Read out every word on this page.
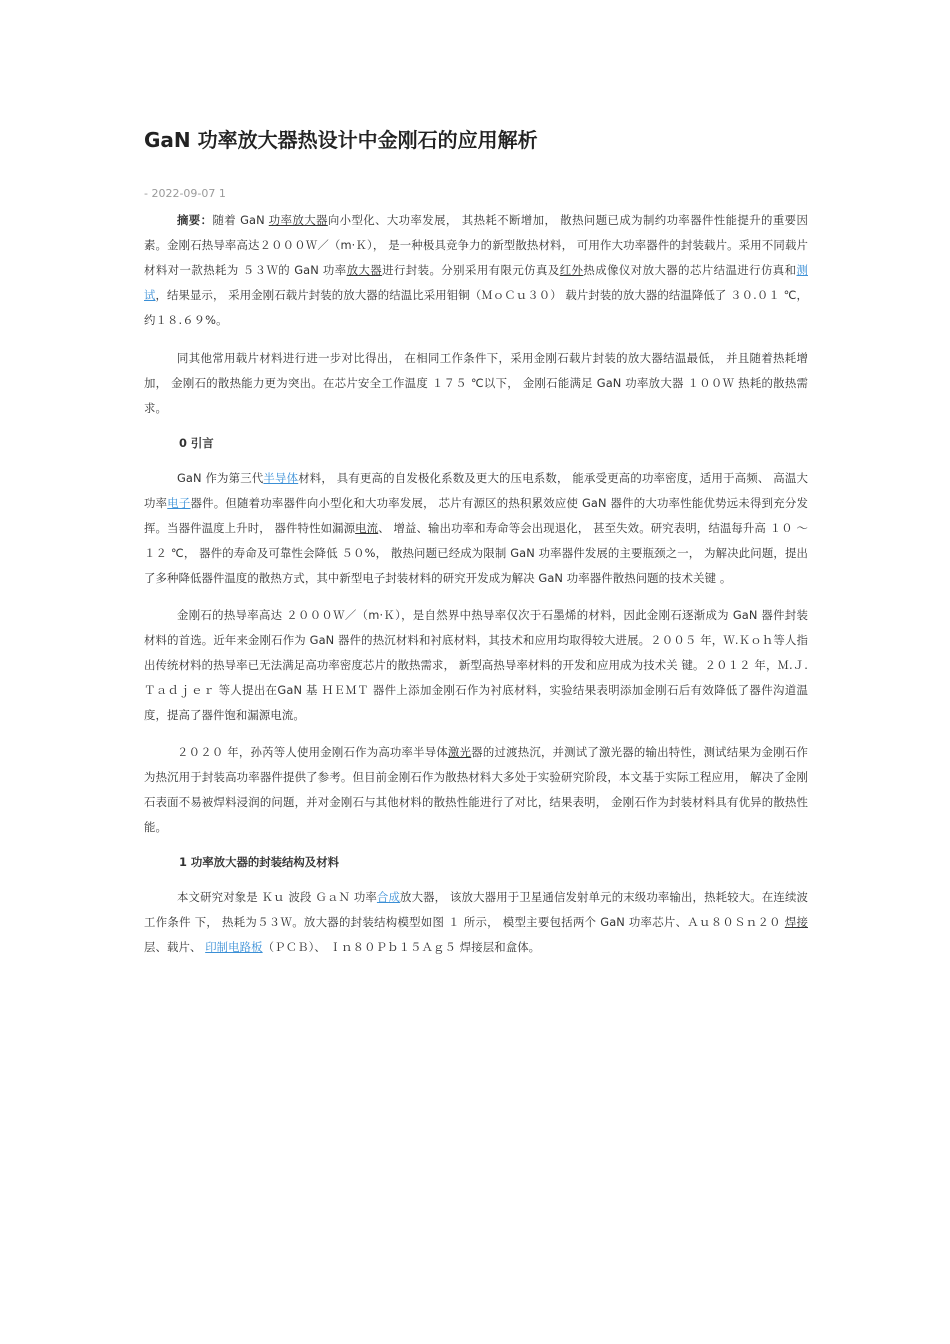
GaN 功率放大器热设计中金刚石的应用解析
- 2022-09-07 1

摘要：随着 GaN 功率放大器向小型化、大功率发展， 其热耗不断增加， 散热问题已成为制约功率器件性能提升的重要因素。金刚石热导率高达２０００Ｗ／（m·Ｋ）， 是一种极具竞争力的新型散热材料， 可用作大功率器件的封装载片。采用不同载片材料对一款热耗为 ５３Ｗ的 GaN 功率放大器进行封装。分别采用有限元仿真及红外热成像仪对放大器的芯片结温进行仿真和测试，结果显示， 采用金刚石载片封装的放大器的结温比采用钼铜（ＭｏＣｕ３０） 载片封装的放大器的结温降低了 ３０.０１ ℃， 约１８.６９%。

同其他常用载片材料进行进一步对比得出， 在相同工作条件下，采用金刚石载片封装的放大器结温最低， 并且随着热耗增加， 金刚石的散热能力更为突出。在芯片安全工作温度 １７５ ℃以下， 金刚石能满足 GaN 功率放大器 １００Ｗ 热耗的散热需求。

0 引言

GaN 作为第三代半导体材料， 具有更高的自发极化系数及更大的压电系数， 能承受更高的功率密度，适用于高频、 高温大功率电子器件。但随着功率器件向小型化和大功率发展， 芯片有源区的热积累效应使 GaN 器件的大功率性能优势远未得到充分发挥。当器件温度上升时， 器件特性如漏源电流、 增益、输出功率和寿命等会出现退化， 甚至失效。研究表明，结温每升高 １０ ～ １２ ℃， 器件的寿命及可靠性会降低 ５０%， 散热问题已经成为限制 GaN 功率器件发展的主要瓶颈之一， 为解决此问题，提出了多种降低器件温度的散热方式，其中新型电子封装材料的研究开发成为解决 GaN 功率器件散热问题的技术关键 。

金刚石的热导率高达 ２０００Ｗ／（m·Ｋ），是自然界中热导率仅次于石墨烯的材料，因此金刚石逐渐成为 GaN 器件封装材料的首选。近年来金刚石作为 GaN 器件的热沉材料和衬底材料，其技术和应用均取得较大进展。２００５ 年，Ｗ.Ｋｏｈ等人指出传统材料的热导率已无法满足高功率密度芯片的散热需求， 新型高热导率材料的开发和应用成为技术关 键。２０１２ 年，Ｍ.Ｊ.Ｔａｄｊｅｒ 等人提出在GaN 基 ＨＥＭＴ 器件上添加金刚石作为衬底材料，实验结果表明添加金刚石后有效降低了器件沟道温度，提高了器件饱和漏源电流。

２０２０ 年，孙芮等人使用金刚石作为高功率半导体激光器的过渡热沉，并测试了激光器的输出特性，测试结果为金刚石作为热沉用于封装高功率器件提供了参考。但目前金刚石作为散热材料大多处于实验研究阶段，本文基于实际工程应用， 解决了金刚石表面不易被焊料浸润的问题，并对金刚石与其他材料的散热性能进行了对比，结果表明， 金刚石作为封装材料具有优异的散热性能。

1 功率放大器的封装结构及材料

本文研究对象是 Ｋｕ 波段 ＧａＮ 功率合成放大器， 该放大器用于卫星通信发射单元的末级功率输出，热耗较大。在连续波工作条件 下， 热耗为５３Ｗ。放大器的封装结构模型如图 １ 所示， 模型主要包括两个 GaN 功率芯片、Ａｕ８０Ｓｎ２０ 焊接层、载片、 印制电路板（ＰＣＢ）、 Ｉｎ８０Ｐｂ１５Ａｇ５ 焊接层和盒体。
